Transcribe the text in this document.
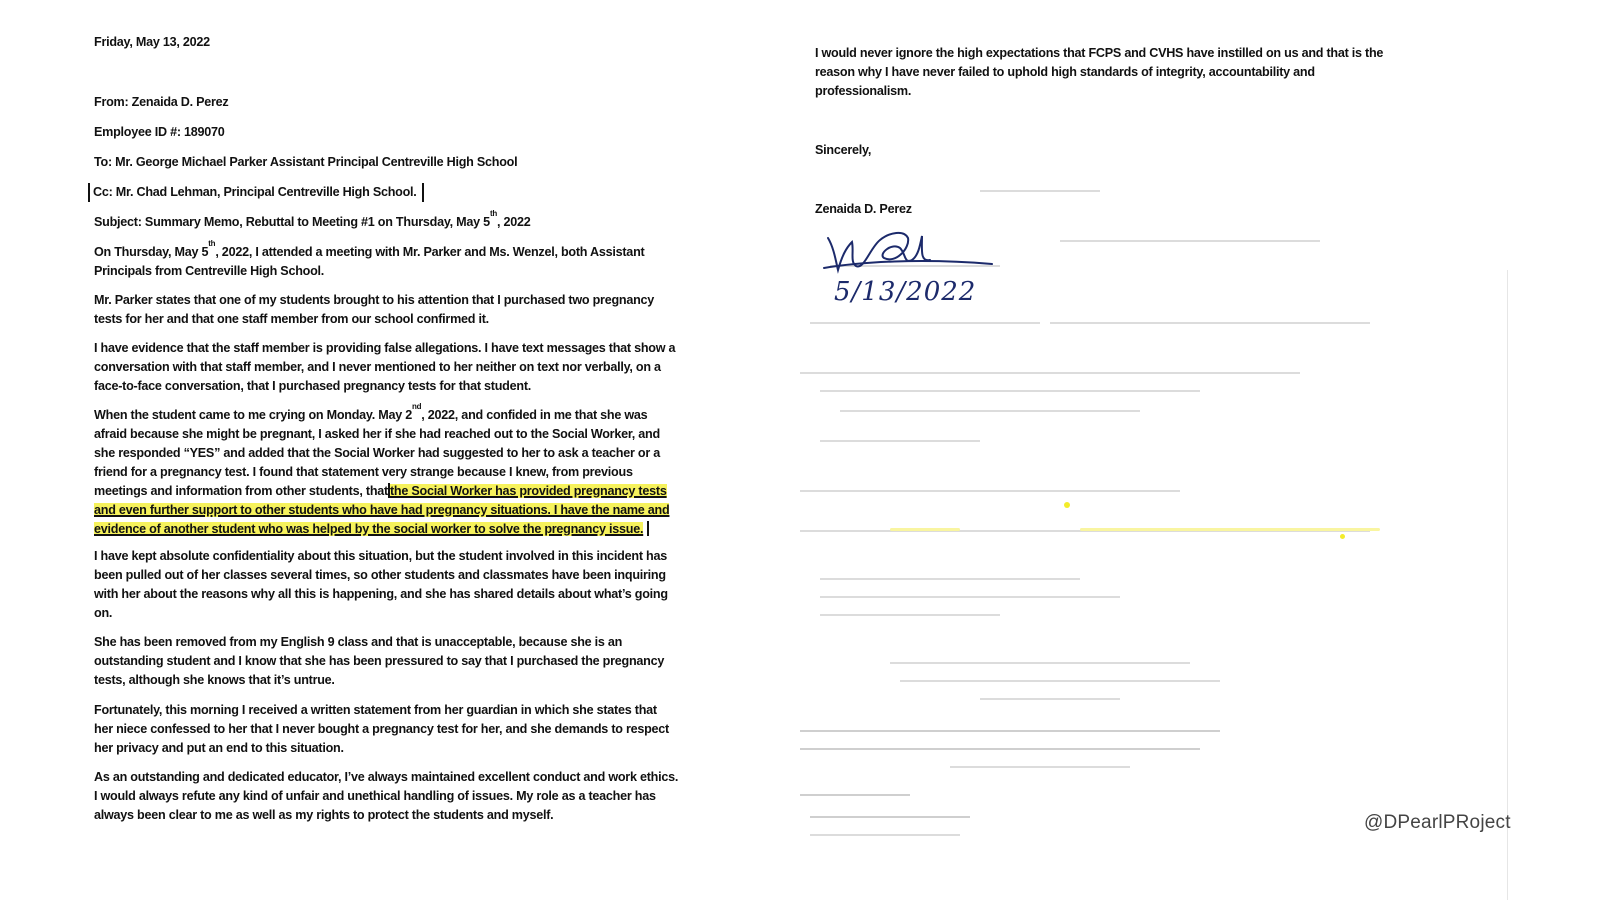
Friday, May 13, 2022
From: Zenaida D. Perez
Employee ID #: 189070
To: Mr. George Michael Parker Assistant Principal Centreville High School
Cc: Mr. Chad Lehman, Principal Centreville High School.
Subject: Summary Memo, Rebuttal to Meeting #1 on Thursday, May 5th, 2022
On Thursday, May 5th, 2022, I attended a meeting with Mr. Parker and Ms. Wenzel, both Assistant
Principals from Centreville High School.
Mr. Parker states that one of my students brought to his attention that I purchased two pregnancy
tests for her and that one staff member from our school confirmed it.
I have evidence that the staff member is providing false allegations. I have text messages that show a
conversation with that staff member, and I never mentioned to her neither on text nor verbally, on a
face-to-face conversation, that I purchased pregnancy tests for that student.
When the student came to me crying on Monday. May 2nd, 2022, and confided in me that she was
afraid because she might be pregnant, I asked her if she had reached out to the Social Worker, and
she responded “YES” and added that the Social Worker had suggested to her to ask a teacher or a
friend for a pregnancy test. I found that statement very strange because I knew, from previous
meetings and information from other students, that the Social Worker has provided pregnancy tests
and even further support to other students who have had pregnancy situations. I have the name and
evidence of another student who was helped by the social worker to solve the pregnancy issue.
I have kept absolute confidentiality about this situation, but the student involved in this incident has
been pulled out of her classes several times, so other students and classmates have been inquiring
with her about the reasons why all this is happening, and she has shared details about what’s going
on.
She has been removed from my English 9 class and that is unacceptable, because she is an
outstanding student and I know that she has been pressured to say that I purchased the pregnancy
tests, although she knows that it’s untrue.
Fortunately, this morning I received a written statement from her guardian in which she states that
her niece confessed to her that I never bought a pregnancy test for her, and she demands to respect
her privacy and put an end to this situation.
As an outstanding and dedicated educator, I’ve always maintained excellent conduct and work ethics.
I would always refute any kind of unfair and unethical handling of issues. My role as a teacher has
always been clear to me as well as my rights to protect the students and myself.
I would never ignore the high expectations that FCPS and CVHS have instilled on us and that is the
reason why I have never failed to uphold high standards of integrity, accountability and
professionalism.
Sincerely,
Zenaida D. Perez
5/13/2022
@DPearlPRoject
